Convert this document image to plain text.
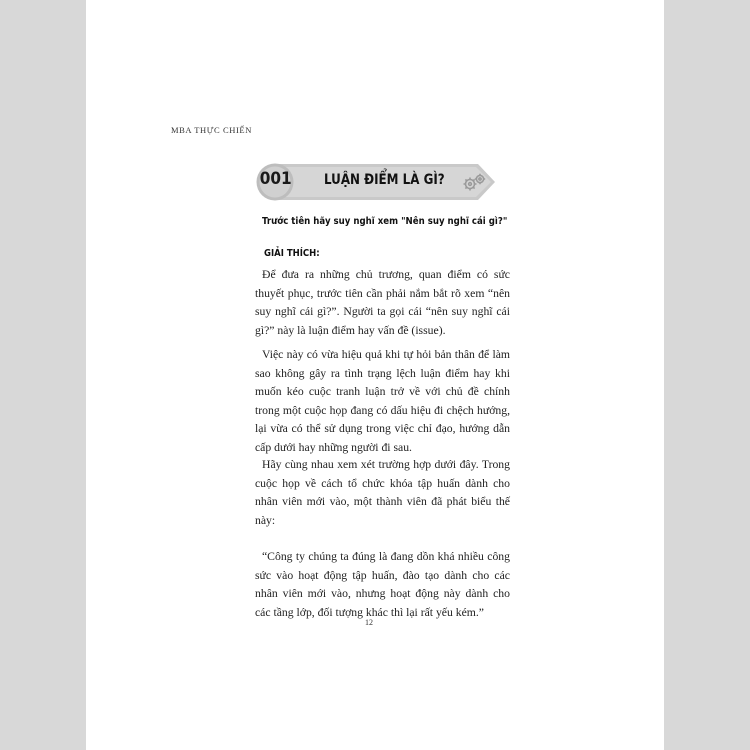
MBA THỰC CHIẾN
001 LUẬN ĐIỂM LÀ GÌ?
Trước tiên hãy suy nghĩ xem "Nên suy nghĩ cái gì?"
GIẢI THÍCH:

Để đưa ra những chủ trương, quan điểm có sức thuyết phục, trước tiên cần phải nắm bắt rõ xem “nên suy nghĩ cái gì?”. Người ta gọi cái “nên suy nghĩ cái gì?” này là luận điểm hay vấn đề (issue).

Việc này có vừa hiệu quả khi tự hỏi bản thân để làm sao không gây ra tình trạng lệch luận điểm hay khi muốn kéo cuộc tranh luận trở về với chủ đề chính trong một cuộc họp đang có dấu hiệu đi chệch hướng, lại vừa có thể sử dụng trong việc chỉ đạo, hướng dẫn cấp dưới hay những người đi sau.

Hãy cùng nhau xem xét trường hợp dưới đây. Trong cuộc họp về cách tổ chức khóa tập huấn dành cho nhân viên mới vào, một thành viên đã phát biểu thế này:

“Công ty chúng ta đúng là đang dồn khá nhiều công sức vào hoạt động tập huấn, đào tạo dành cho các nhân viên mới vào, nhưng hoạt động này dành cho các tầng lớp, đối tượng khác thì lại rất yếu kém.”

12
